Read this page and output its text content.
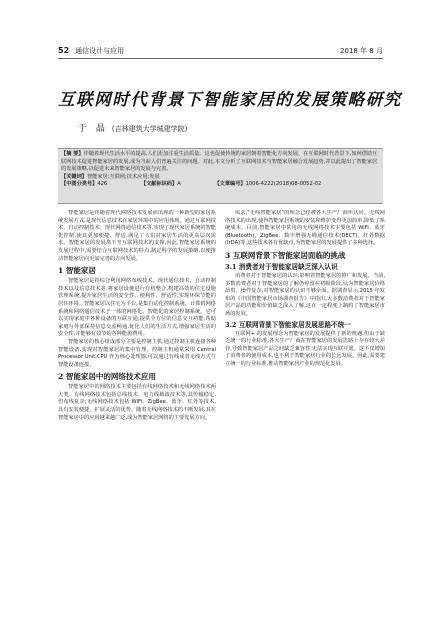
52 通信设计与应用	2018 年 8 月
互联网时代背景下智能家居的发展策略研究
于 晶 (吉林建筑大学城建学院)

【摘 要】伴随着现代生活水平的提高,人们更加注重生活质量。这也促使传统的家居朝着智能化方向发展。在互联网时代背景下,如何借助互联网技术促进智能家居的发展,成为当前人们普遍关注的问题。对此,本文分析了互联网技术与智能家居融合发展趋势,并以此提出了智能家居的发展策略,以促进未来智能家居的发展与完善。

【关键词】智能家居;互联网;技术应用;发展

【中图分类号】426	【文献标识码】A	【文章编号】1006-4222(2018)08-0052-02

智能家居是伴随着现代网络技术发展而出现的一种新型的家居系统发展方式,是现代信息技术在家居环境中的应用体现。通过互联网技术、自动控制技术、现代网络通信技术等,实现了现代家居系统的智能化控制,使其更加便捷、舒适,满足了人们对家居生活的更高层次需求。智能家居的发展离不开互联网技术的支撑,因此,智能家居系统的发展过程中,需要结合互联网技术的特点,制定科学的发展策略,以便推动智能家居向更加完善的方向发展。

1 智能家居

智能家居是指综合利用网络布线技术、现代通信技术、自动控制技术以及信息技术等,将家居设施进行有机整合,构建高效的住宅设施管理系统,提升家居生活的安全性、便利性、舒适性,实现环保节能的居住环境。智能家居以住宅为平台,是集自动化控制系统、计算机网络系统和网络通信技术于一体的网络化、智能化的家居控制系统。它可以实现家庭中各种设备的互联互通,提供全方位的信息交互功能,帮助家庭与外部保持信息交流畅通,优化人们的生活方式,增强家居生活的安全性,并能够有效节约各种能源费用。

智能家居的核心组成部分主要是控制主机,通过控制主机连接各种智能设备,实现对智能家居的集中管理。控制主机通常采用 Central Processor Unit,CPU 作为核心处理器,可以通过有线或者无线方式与智能设备连接。

2 智能家居中的网络技术应用

智能家居中的网络技术主要包括有线网络技术和无线网络技术两大类。有线网络技术包括总线技术、电力线载波技术等,其传输稳定,但布线复杂;无线网络技术包括 WiFi、ZigBee、蓝牙、红外等技术,具有安装便捷、扩展灵活的优势。随着无线网络技术的不断发展,其在智能家居中的应用越来越广泛,成为智能家居网络的主要发展方向。

需求,"无线智能家居"的理念已经被各大生产厂商所认同。无线网络技术的出现,使得智能家居系统的安装和维护变得更加简单,降低了系统成本。目前,智能家居中常用的无线网络技术主要包括 WiFi、蓝牙(Bluetooth)、ZigBee、数字增强无绳通信技术(DECT)、红外数据(IrDA)等,这些技术各有优缺点,为智能家居的发展提供了多种选择。

3 互联网背景下智能家居面临的挑战
3.1 消费者对于智能家居缺乏深入认识

消费者对于智能家居的认识,影响着智能家居的推广和发展。当前,多数消费者对于智能家居的了解仍停留在初级阶段,认为智能家居价格昂贵、操作复杂,对智能家居的认识不够全面。据调查显示,2015 年发布的《中国智能家居市场调查报告》中指出,大多数消费者对于智能家居产品的功能和价值缺乏深入了解,这在一定程度上制约了智能家居市场的发展。

3.2 互联网背景下智能家居发展思路不统一

互联网+ 的发展理念为智能家居的发展提供了新的机遇,但由于缺乏统一的行业标准,各大生产厂商在智能家居的发展思路上存在较大差异,导致智能家居产品之间缺乏兼容性,无法实现互联互通。这不仅增加了消费者的使用成本,也不利于智能家居行业的长远发展。因此,需要建立统一的行业标准,推动智能家居产业的规范化发展。
